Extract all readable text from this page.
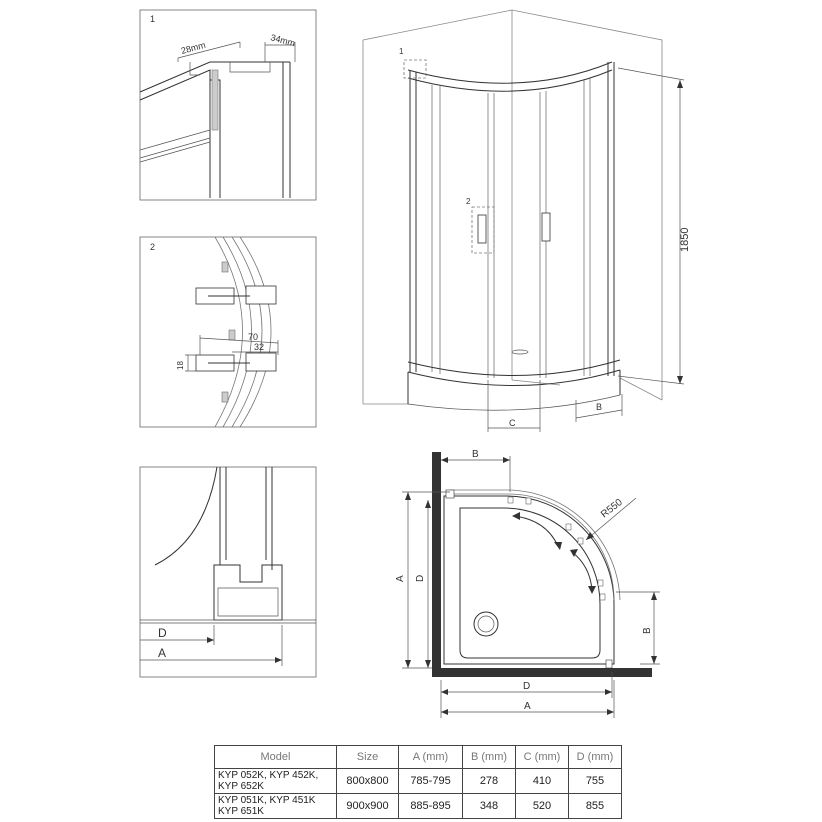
1
28mm	34mm
2
70
32
18
D
A
1
2
1850
C
B
R550
B
A D
B
D
A
Model	Size	A (mm)	B (mm)	C (mm)	D (mm)
KYP 052K, KYP 452K,
KYP 652K	800x800	785-795	278	410	755
KYP 051K, KYP 451K
KYP 651K	900x900	885-895	348	520	855
